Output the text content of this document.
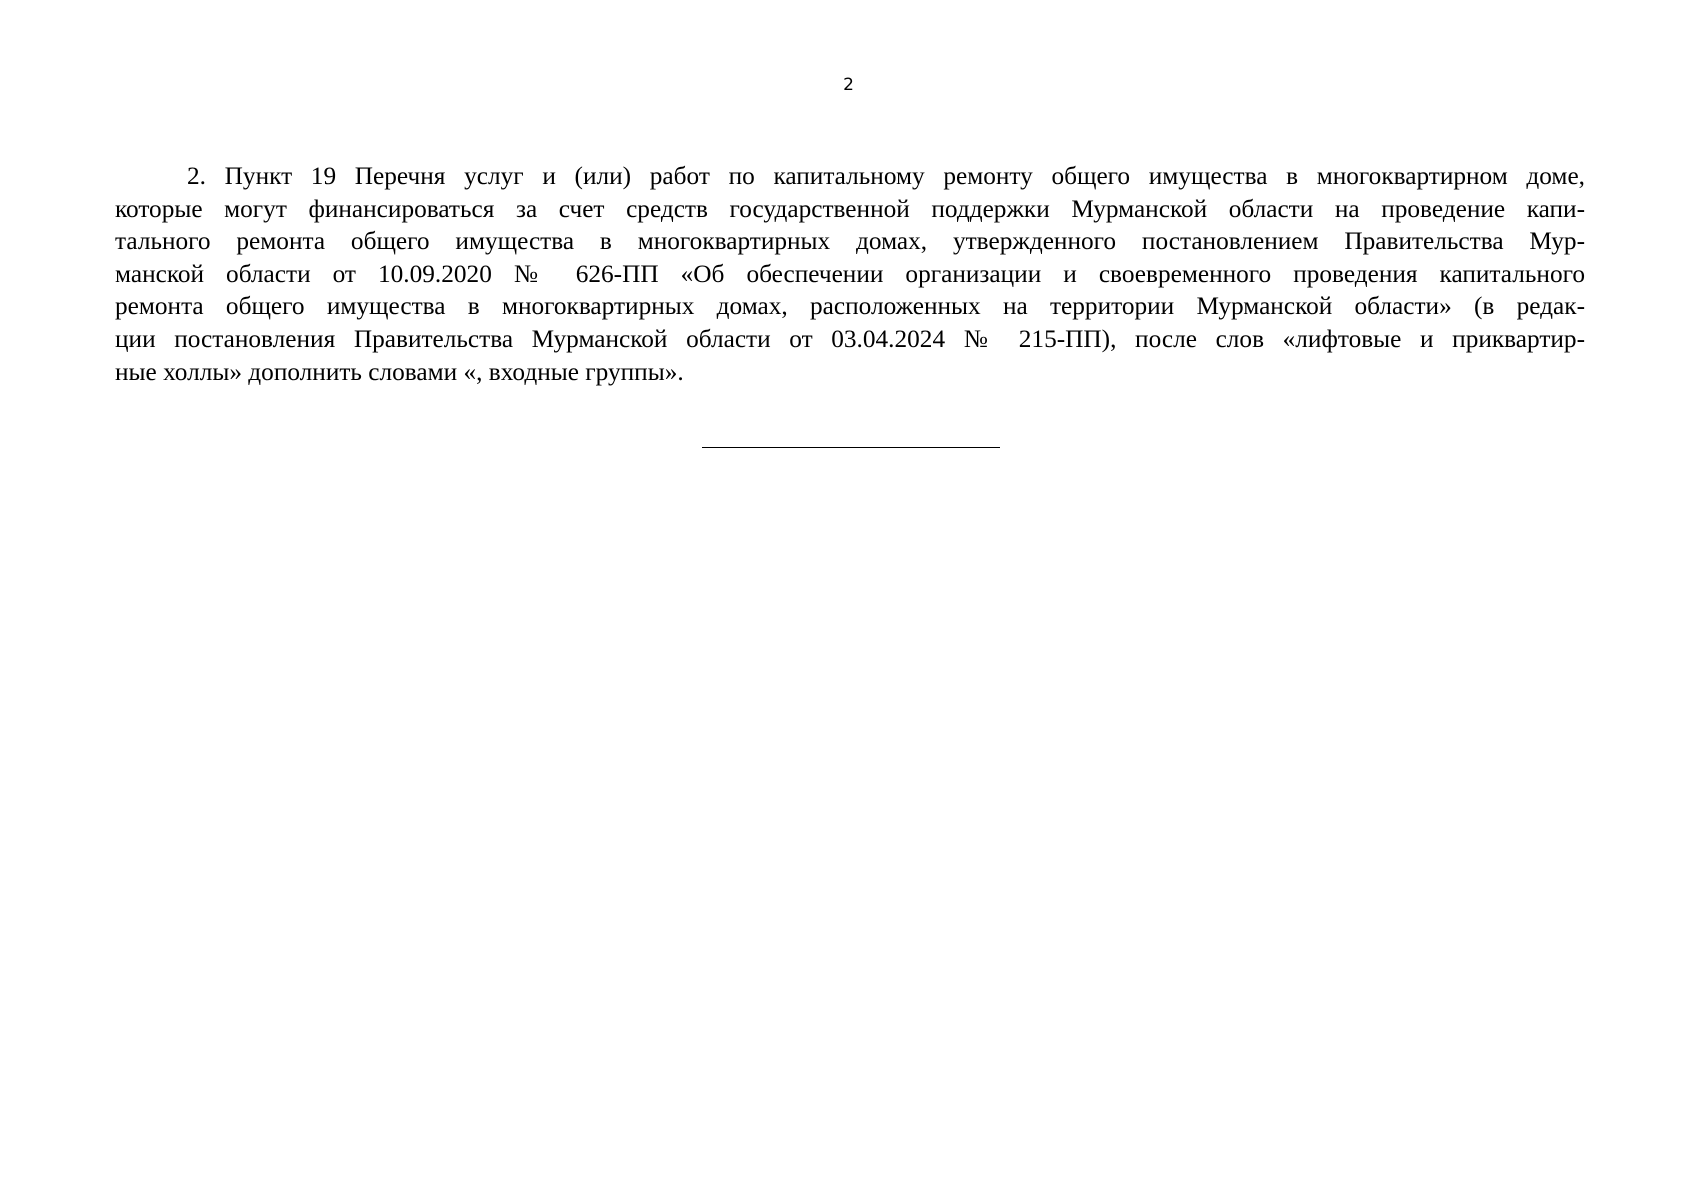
2
2. Пункт 19 Перечня услуг и (или) работ по капитальному ремонту общего имущества в многоквартирном доме,
которые могут финансироваться за счет средств государственной поддержки Мурманской области на проведение капи-
тального ремонта общего имущества в многоквартирных домах, утвержденного постановлением Правительства Мур-
манской области от 10.09.2020 № 626-ПП «Об обеспечении организации и своевременного проведения капитального
ремонта общего имущества в многоквартирных домах, расположенных на территории Мурманской области» (в редак-
ции постановления Правительства Мурманской области от 03.04.2024 № 215-ПП), после слов «лифтовые и приквартир-
ные холлы» дополнить словами «, входные группы».
